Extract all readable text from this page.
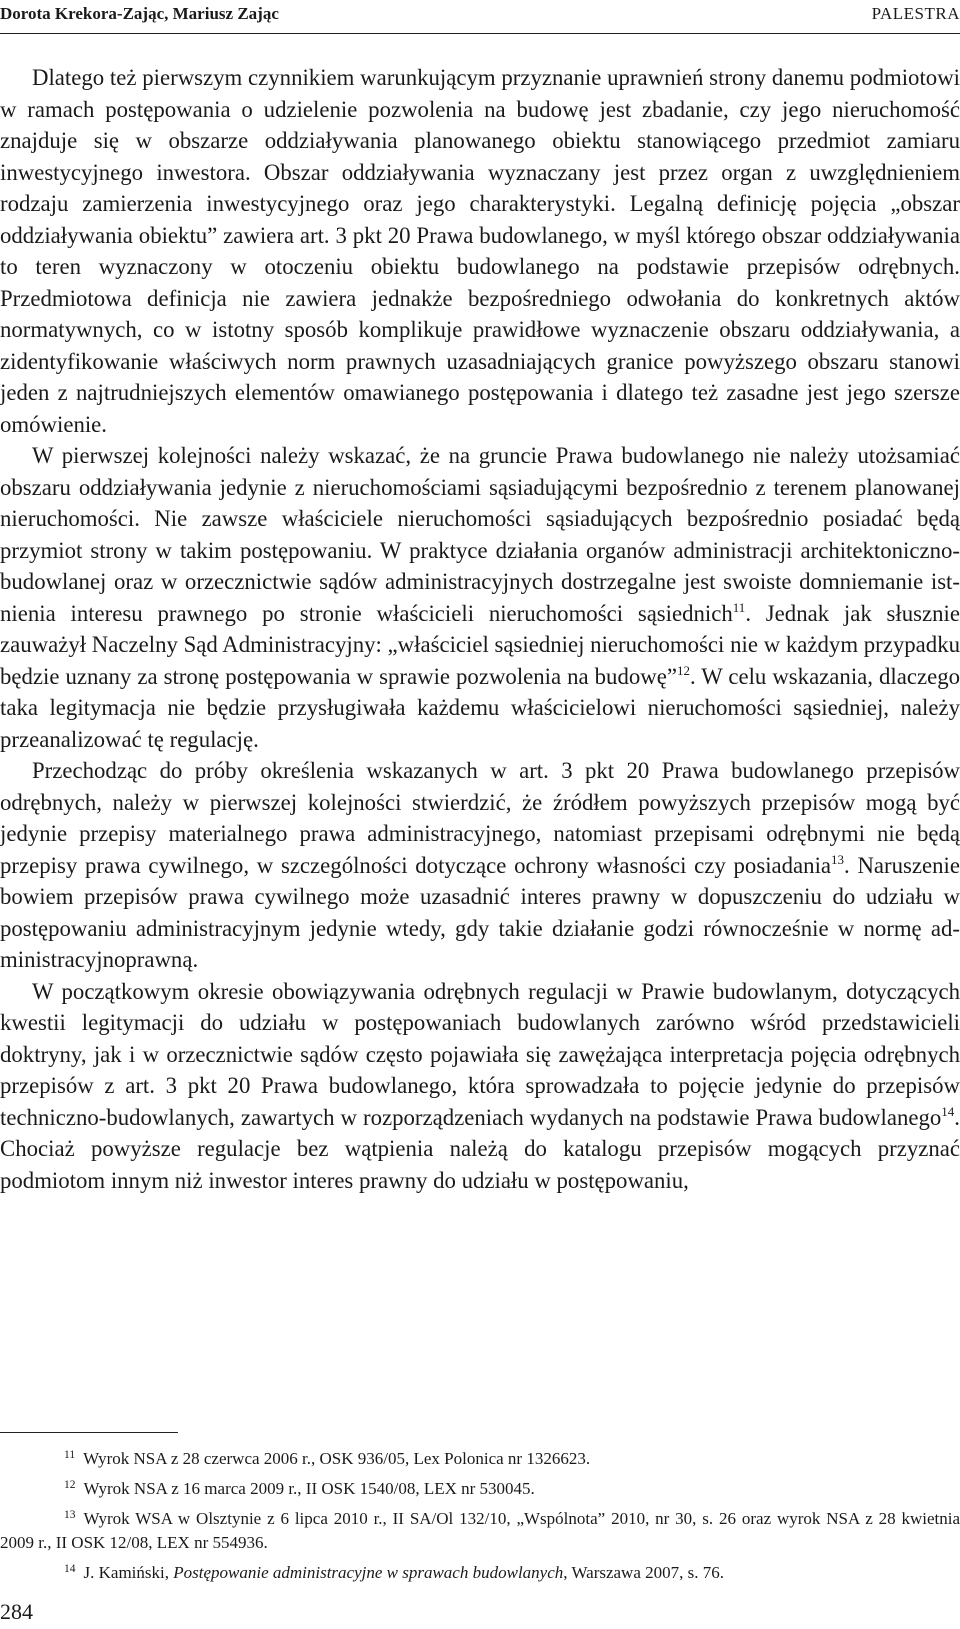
Dorota Krekora-Zając, Mariusz Zając	PALESTRA

Dlatego też pierwszym czynnikiem warunkującym przyznanie uprawnień strony danemu podmiotowi w ramach postępowania o udzielenie pozwolenia na budowę jest zbadanie, czy jego nieruchomość znajduje się w obszarze oddziaływania planowanego obiektu stanowiącego przedmiot zamiaru inwestycyjnego inwestora. Obszar oddziaływania wyznaczany jest przez organ z uwzględnieniem rodzaju zamierzenia inwestycyjnego oraz jego charakterystyki. Legalną definicję pojęcia „obszar oddziaływania obiektu” zawiera art. 3 pkt 20 Prawa budowlanego, w myśl którego obszar oddziaływania to teren wyznaczony w otoczeniu obiektu budowlanego na podstawie przepisów odrębnych. Przedmiotowa definicja nie zawiera jednakże bezpośredniego odwołania do konkretnych aktów normatywnych, co w istotny sposób komplikuje prawidłowe wyznaczenie obszaru oddziaływania, a zidentyfikowanie właściwych norm prawnych uzasadniających granice powyższego obszaru stanowi jeden z najtrudniejszych elementów omawianego postępowania i dlatego też zasadne jest jego szersze omówienie.

W pierwszej kolejności należy wskazać, że na gruncie Prawa budowlanego nie należy utożsamiać obszaru oddziaływania jedynie z nieruchomościami sąsiadującymi bezpośrednio z terenem planowanej nieruchomości. Nie zawsze właściciele nieruchomości sąsiadujących bezpośrednio posiadać będą przymiot strony w takim postępowaniu. W praktyce działania organów administracji architektoniczno-budowlanej oraz w orzecznictwie sądów administracyjnych dostrzegalne jest swoiste domniemanie istnienia interesu prawnego po stronie właścicieli nieruchomości sąsiednich$^{11}$. Jednak jak słusznie zauważył Naczelny Sąd Administracyjny: „właściciel sąsiedniej nieruchomości nie w każdym przypadku będzie uznany za stronę postępowania w sprawie pozwolenia na budowę”$^{12}$. W celu wskazania, dlaczego taka legitymacja nie będzie przysługiwała każdemu właścicielowi nieruchomości sąsiedniej, należy przeanalizować tę regulację.

Przechodząc do próby określenia wskazanych w art. 3 pkt 20 Prawa budowlanego przepisów odrębnych, należy w pierwszej kolejności stwierdzić, że źródłem powyższych przepisów mogą być jedynie przepisy materialnego prawa administracyjnego, natomiast przepisami odrębnymi nie będą przepisy prawa cywilnego, w szczególności dotyczące ochrony własności czy posiadania$^{13}$. Naruszenie bowiem przepisów prawa cywilnego może uzasadnić interes prawny w dopuszczeniu do udziału w postępowaniu administracyjnym jedynie wtedy, gdy takie działanie godzi równocześnie w normę administracyjnoprawną.

W początkowym okresie obowiązywania odrębnych regulacji w Prawie budowlanym, dotyczących kwestii legitymacji do udziału w postępowaniach budowlanych zarówno wśród przedstawicieli doktryny, jak i w orzecznictwie sądów często pojawiała się zawężająca interpretacja pojęcia odrębnych przepisów z art. 3 pkt 20 Prawa budowlanego, która sprowadzała to pojęcie jedynie do przepisów techniczno-budowlanych, zawartych w rozporządzeniach wydanych na podstawie Prawa budowlanego$^{14}$. Chociaż powyższe regulacje bez wątpienia należą do katalogu przepisów mogących przyznać podmiotom innym niż inwestor interes prawny do udziału w postępowaniu,

11 Wyrok NSA z 28 czerwca 2006 r., OSK 936/05, Lex Polonica nr 1326623.

12 Wyrok NSA z 16 marca 2009 r., II OSK 1540/08, LEX nr 530045.

13 Wyrok WSA w Olsztynie z 6 lipca 2010 r., II SA/Ol 132/10, „Wspólnota” 2010, nr 30, s. 26 oraz wyrok NSA z 28 kwietnia 2009 r., II OSK 12/08, LEX nr 554936.

14 J. Kamiński, Postępowanie administracyjne w sprawach budowlanych, Warszawa 2007, s. 76.

284
